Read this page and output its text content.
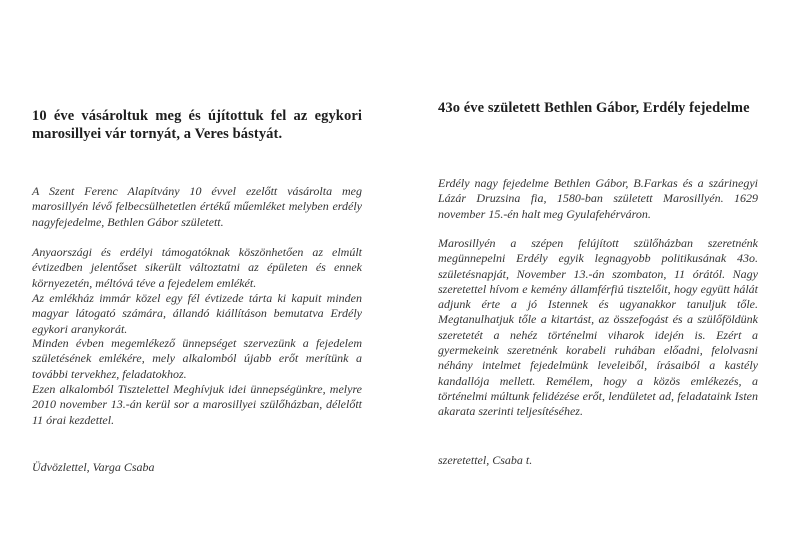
10 éve vásároltuk meg és újítottuk fel az egykori marosillyei vár tornyát, a Veres bástyát.

A Szent Ferenc Alapítvány 10 évvel ezelőtt vásárolta meg marosillyén lévő felbecsülhetetlen értékű műemléket melyben erdély nagyfejedelme, Bethlen Gábor született.

Anyaországi és erdélyi támogatóknak köszönhetően az elmúlt évtizedben jelentőset sikerült változtatni az épületen és ennek környezetén, méltóvá téve a fejedelem emlékét.

Az emlékház immár közel egy fél évtizede tárta ki kapuit minden magyar látogató számára, állandó kiállításon bemutatva Erdély egykori aranykorát.

Minden évben megemlékező ünnepséget szervezünk a fejedelem születésének emlékére, mely alkalomból újabb erőt merítünk a további tervekhez, feladatokhoz.

Ezen alkalomból Tisztelettel Meghívjuk idei ünnepségünkre, melyre 2010 november 13.-án kerül sor a marosillyei szülőházban, délelőtt 11 órai kezdettel.

Üdvözlettel, Varga Csaba
43o éve született Bethlen Gábor, Erdély fejedelme

Erdély nagy fejedelme Bethlen Gábor, B.Farkas és a szárinegyi Lázár Druzsina fia, 1580-ban született Marosillyén. 1629 november 15.-én halt meg Gyulafehérváron.

Marosillyén a szépen felújított szülőházban szeretnénk megünnepelni Erdély egyik legnagyobb politikusának 43o. születésnapját, November 13.-án szombaton, 11 órától. Nagy szeretettel hívom e kemény államférfiú tisztelőit, hogy együtt hálát adjunk érte a jó Istennek és ugyanakkor tanuljuk tőle. Megtanulhatjuk tőle a kitartást, az összefogást és a szülőföldünk szeretetét a nehéz történelmi viharok idején is. Ezért a gyermekeink szeretnénk korabeli ruhában előadni, felolvasni néhány intelmet fejedelmünk leveleiből, írásaiból a kastély kandallója mellett. Remélem, hogy a közös emlékezés, a történelmi múltunk felidézése erőt, lendületet ad, feladataink Isten akarata szerinti teljesítéséhez.

szeretettel, Csaba t.
